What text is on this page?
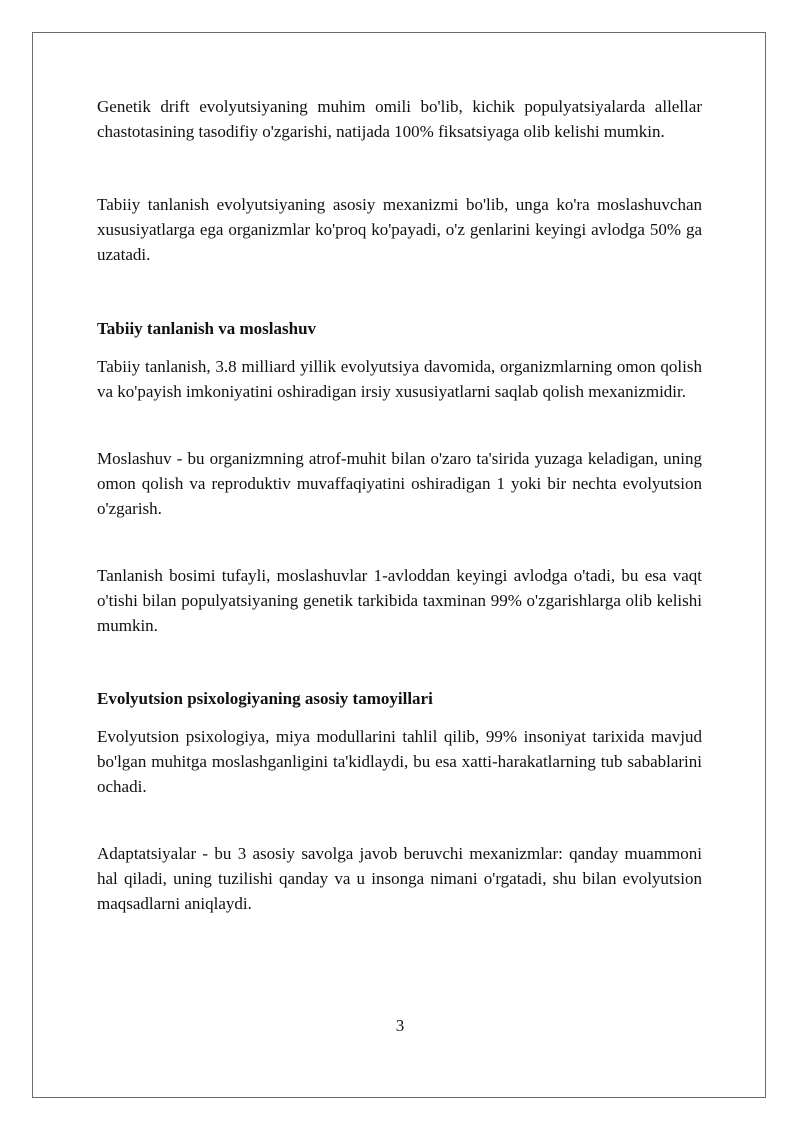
Genetik drift evolyutsiyaning muhim omili bo'lib, kichik populyatsiyalarda allellar chastotasining tasodifiy o'zgarishi, natijada 100% fiksatsiyaga olib kelishi mumkin.

Tabiiy tanlanish evolyutsiyaning asosiy mexanizmi bo'lib, unga ko'ra moslashuvchan xususiyatlarga ega organizmlar ko'proq ko'payadi, o'z genlarini keyingi avlodga 50% ga uzatadi.

Tabiiy tanlanish va moslashuv

Tabiiy tanlanish, 3.8 milliard yillik evolyutsiya davomida, organizmlarning omon qolish va ko'payish imkoniyatini oshiradigan irsiy xususiyatlarni saqlab qolish mexanizmidir.

Moslashuv - bu organizmning atrof-muhit bilan o'zaro ta'sirida yuzaga keladigan, uning omon qolish va reproduktiv muvaffaqiyatini oshiradigan 1 yoki bir nechta evolyutsion o'zgarish.

Tanlanish bosimi tufayli, moslashuvlar 1-avloddan keyingi avlodga o'tadi, bu esa vaqt o'tishi bilan populyatsiyaning genetik tarkibida taxminan 99% o'zgarishlarga olib kelishi mumkin.

Evolyutsion psixologiyaning asosiy tamoyillari

Evolyutsion psixologiya, miya modullarini tahlil qilib, 99% insoniyat tarixida mavjud bo'lgan muhitga moslashganligini ta'kidlaydi, bu esa xatti-harakatlarning tub sabablarini ochadi.

Adaptatsiyalar - bu 3 asosiy savolga javob beruvchi mexanizmlar: qanday muammoni hal qiladi, uning tuzilishi qanday va u insonga nimani o'rgatadi, shu bilan evolyutsion maqsadlarni aniqlaydi.

3
